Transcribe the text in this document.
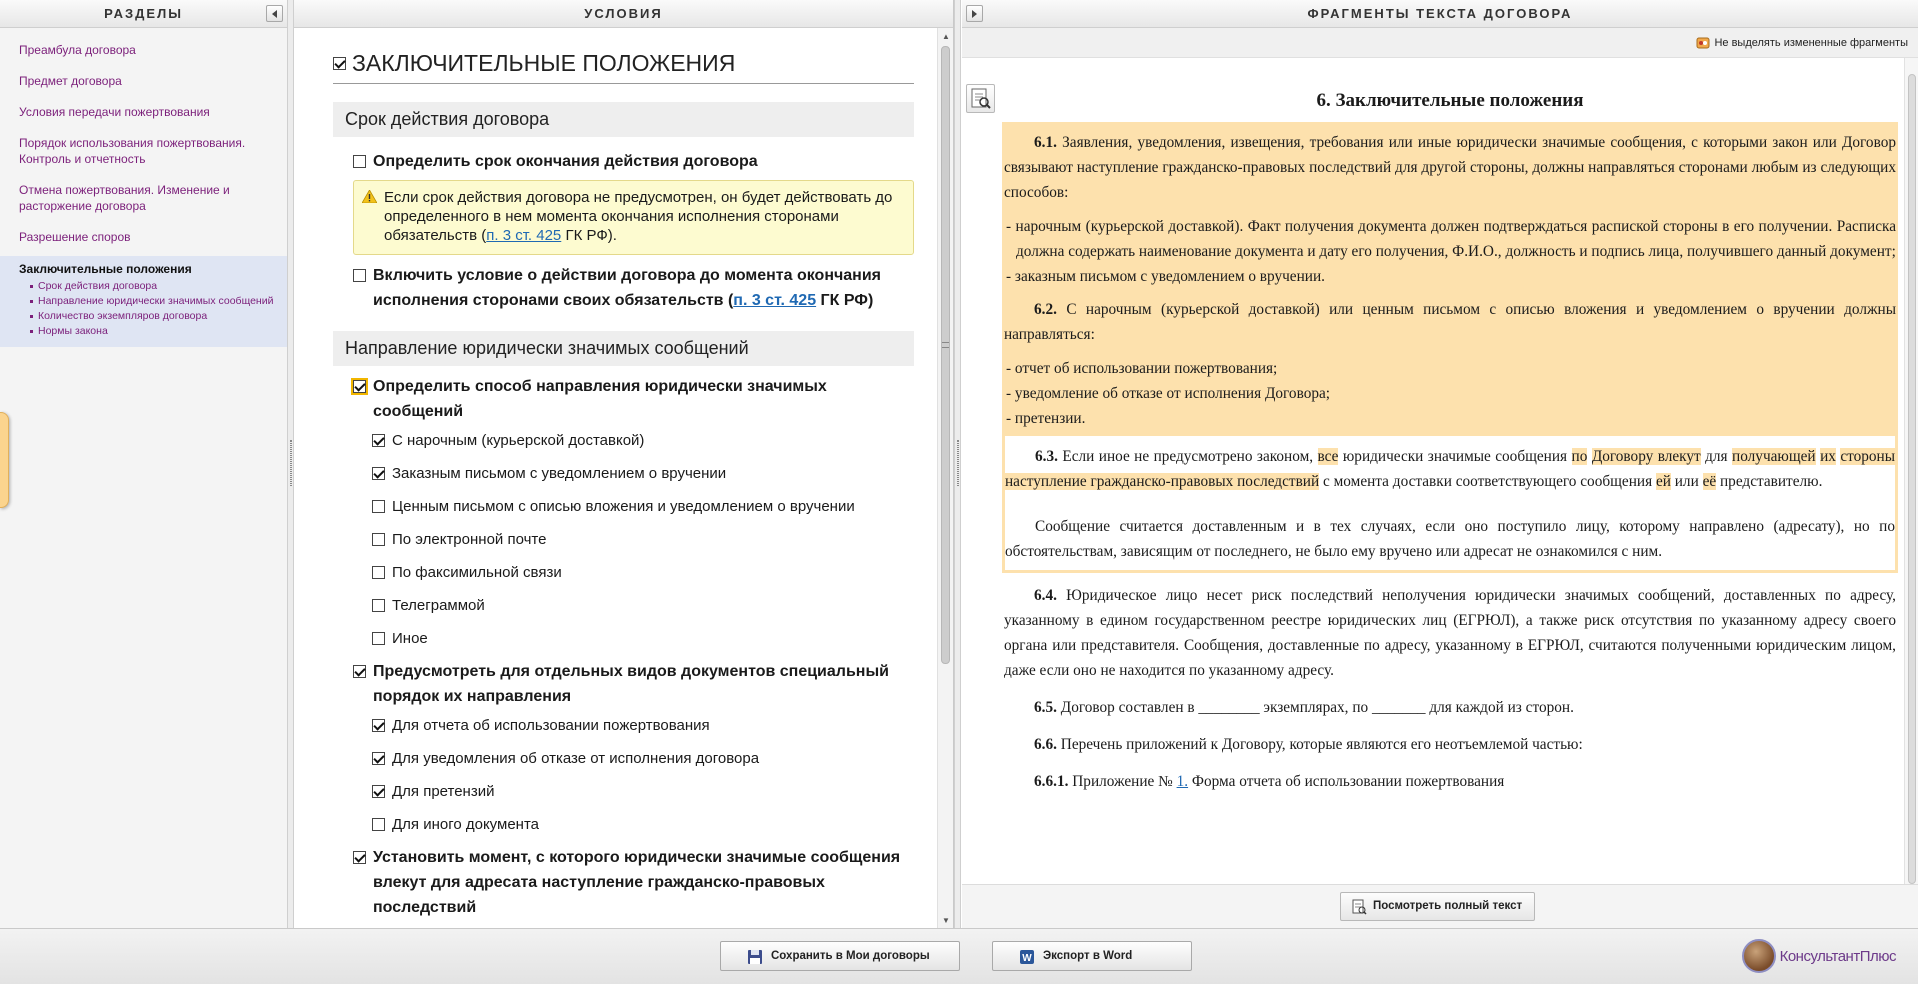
РАЗДЕЛЫ
Преамбула договора
Предмет договора
Условия передачи пожертвования
Порядок использования пожертвования. Контроль и отчетность
Отмена пожертвования. Изменение и расторжение договора
Разрешение споров
Заключительные положения
Срок действия договора
Направление юридически значимых сообщений
Количество экземпляров договора
Нормы закона
УСЛОВИЯ
ЗАКЛЮЧИТЕЛЬНЫЕ ПОЛОЖЕНИЯ
Срок действия договора
Определить срок окончания действия договора
Если срок действия договора не предусмотрен, он будет действовать до определенного в нем момента окончания исполнения сторонами обязательств (п. 3 ст. 425 ГК РФ).
Включить условие о действии договора до момента окончания исполнения сторонами своих обязательств (п. 3 ст. 425 ГК РФ)
Направление юридически значимых сообщений
Определить способ направления юридически значимых сообщений
С нарочным (курьерской доставкой)
Заказным письмом с уведомлением о вручении
Ценным письмом с описью вложения и уведомлением о вручении
По электронной почте
По факсимильной связи
Телеграммой
Иное
Предусмотреть для отдельных видов документов специальный порядок их направления
Для отчета об использовании пожертвования
Для уведомления об отказе от исполнения договора
Для претензий
Для иного документа
Установить момент, с которого юридически значимые сообщения влекут для адресата наступление гражданско-правовых последствий
▲
▼
ФРАГМЕНТЫ ТЕКСТА ДОГОВОРА
Не выделять измененные фрагменты
6. Заключительные положения

6.1. Заявления, уведомления, извещения, требования или иные юридически значимые сообщения, с которыми закон или Договор связывают наступление гражданско-правовых последствий для другой стороны, должны направляться сторонами любым из следующих способов:

- нарочным (курьерской доставкой). Факт получения документа должен подтверждаться распиской стороны в его получении. Расписка должна содержать наименование документа и дату его получения, Ф.И.О., должность и подпись лица, получившего данный документ;

- заказным письмом с уведомлением о вручении.

6.2. С нарочным (курьерской доставкой) или ценным письмом с описью вложения и уведомлением о вручении должны направляться:

- отчет об использовании пожертвования;

- уведомление об отказе от исполнения Договора;

- претензии.

6.3. Если иное не предусмотрено законом, все юридически значимые сообщения по Договору влекут для получающей их стороны наступление гражданско-правовых последствий с момента доставки соответствующего сообщения ей или её представителю.

Сообщение считается доставленным и в тех случаях, если оно поступило лицу, которому направлено (адресату), но по обстоятельствам, зависящим от последнего, не было ему вручено или адресат не ознакомился с ним.

6.4. Юридическое лицо несет риск последствий неполучения юридически значимых сообщений, доставленных по адресу, указанному в едином государственном реестре юридических лиц (ЕГРЮЛ), а также риск отсутствия по указанному адресу своего органа или представителя. Сообщения, доставленные по адресу, указанному в ЕГРЮЛ, считаются полученными юридическим лицом, даже если оно не находится по указанному адресу.

6.5. Договор составлен в ________ экземплярах, по _______ для каждой из сторон.

6.6. Перечень приложений к Договору, которые являются его неотъемлемой частью:

6.6.1. Приложение № 1. Форма отчета об использовании пожертвования

Посмотреть полный текст
Сохранить в Мои договоры	W Экспорт в Word	КонсультантПлюс
